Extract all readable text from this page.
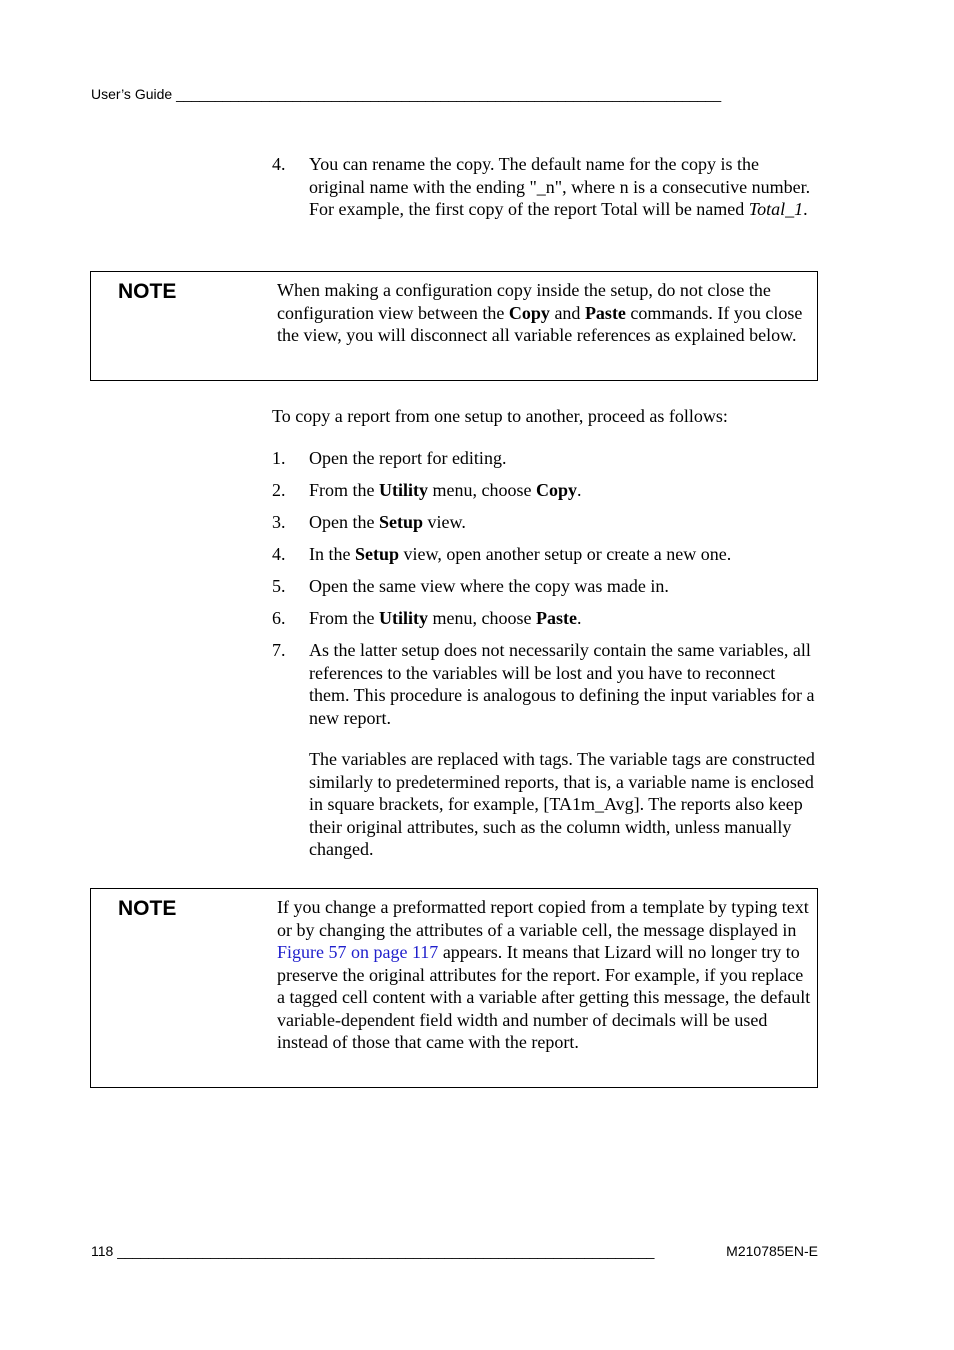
User’s Guide ______________________________________________________________________
4. You can rename the copy. The default name for the copy is the original name with the ending "_n", where n is a consecutive number. For example, the first copy of the report Total will be named Total_1.
NOTE	When making a configuration copy inside the setup, do not close the configuration view between the Copy and Paste commands. If you close the view, you will disconnect all variable references as explained below.
To copy a report from one setup to another, proceed as follows:
1. Open the report for editing.
2. From the Utility menu, choose Copy.
3. Open the Setup view.
4. In the Setup view, open another setup or create a new one.
5. Open the same view where the copy was made in.
6. From the Utility menu, choose Paste.
7. As the latter setup does not necessarily contain the same variables, all references to the variables will be lost and you have to reconnect them. This procedure is analogous to defining the input variables for a new report.
The variables are replaced with tags. The variable tags are constructed similarly to predetermined reports, that is, a variable name is enclosed in square brackets, for example, [TA1m_Avg]. The reports also keep their original attributes, such as the column width, unless manually changed.
NOTE	If you change a preformatted report copied from a template by typing text or by changing the attributes of a variable cell, the message displayed in Figure 57 on page 117 appears. It means that Lizard will no longer try to preserve the original attributes for the report. For example, if you replace a tagged cell content with a variable after getting this message, the default variable-dependent field width and number of decimals will be used instead of those that came with the report.
118 _____________________________________________________________________	M210785EN-E
